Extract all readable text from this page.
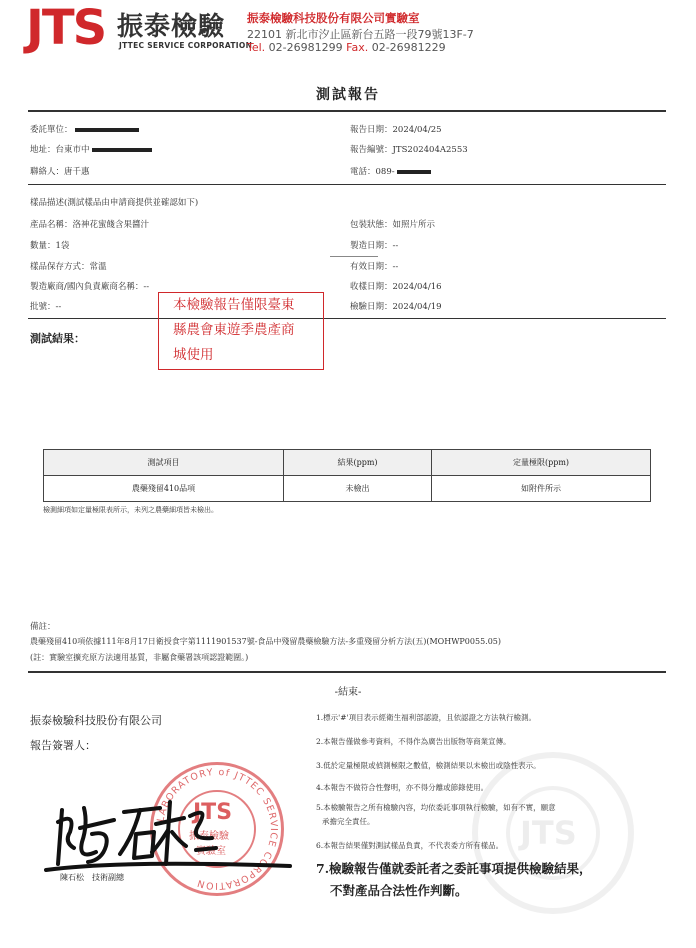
JTS 振泰檢驗
JTTEC SERVICE CORPORATION
振泰檢驗科技股份有限公司實驗室
22101 新北市汐止區新台五路一段79號13F-7
Tel. 02-26981299 Fax. 02-26981229
測試報告
委託單位：
地址：台東市中
聯絡人：唐千惠
報告日期：2024/04/25
報告編號：JTS202404A2553
電話：089-
樣品描述(測試樣品由申請商提供並確認如下)
產品名稱：洛神花蜜餞含果醬汁
數量：1袋
樣品保存方式：常溫
製造廠商/國內負責廠商名稱：--
批號：--
包裝狀態：如照片所示
製造日期：--
有效日期：--
收樣日期：2024/04/16
檢驗日期：2024/04/19
本檢驗報告僅限臺東
縣農會東遊季農產商
城使用
測試結果：
測試項目	結果(ppm)	定量極限(ppm)
農藥殘留410品項	未檢出	如附件所示
檢測細項如定量極限表所示，未列之農藥細項皆未檢出。
備註：
農藥殘留410項依據111年8月17日衛授食字第1111901537號-食品中殘留農藥檢驗方法-多重殘留分析方法(五)(MOHWP0055.05)
(註：實驗室擴充原方法適用基質，非屬食藥署該項認證範圍。)
-結束-
JTS
振泰檢驗科技股份有限公司
報告簽署人：
LABORATORY of JTTEC SERVICE CORPORATION
JTS
振泰檢驗
實驗室
陳石松　技術副總
1.標示'#'項目表示經衛生福利部認證，且依認證之方法執行檢測。
2.本報告僅做參考資料，不得作為廣告出版物等商業宣傳。
3.低於定量極限或偵測極限之數值，檢測結果以未檢出或陰性表示。
4.本報告不做符合性聲明，亦不得分離或節錄使用。
5.本檢驗報告之所有檢驗內容，均依委託事項執行檢驗，如有不實，願意
承擔完全責任。
6.本報告結果僅對測試樣品負責，不代表委方所有樣品。
7.檢驗報告僅就委託者之委託事項提供檢驗結果，
不對產品合法性作判斷。
